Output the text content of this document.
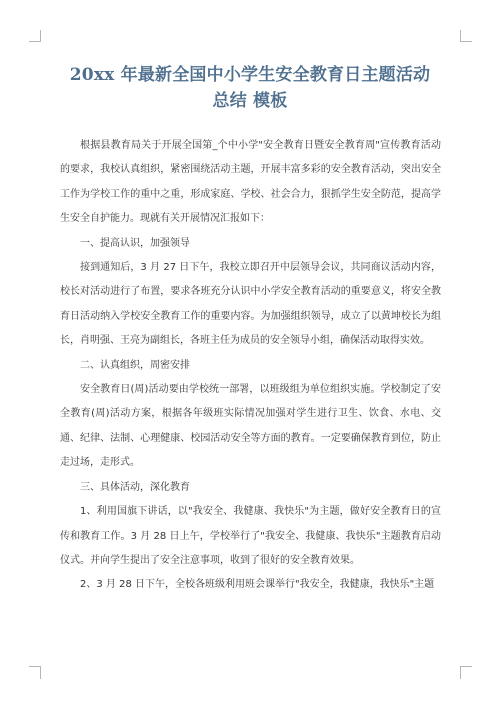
20xx 年最新全国中小学生安全教育日主题活动
总结 模板

根据县教育局关于开展全国第_个中小学"安全教育日暨安全教育周"宣传教育活动的要求，我校认真组织，紧密围绕活动主题，开展丰富多彩的安全教育活动，突出安全工作为学校工作的重中之重，形成家庭、学校、社会合力，狠抓学生安全防范，提高学生安全自护能力。现就有关开展情况汇报如下：

一、提高认识，加强领导

接到通知后，3 月 27 日下午，我校立即召开中层领导会议，共同商议活动内容，校长对活动进行了布置，要求各班充分认识中小学安全教育活动的重要意义，将安全教育日活动纳入学校安全教育工作的重要内容。为加强组织领导，成立了以黄坤校长为组长，肖明强、王亮为副组长，各班主任为成员的安全领导小组，确保活动取得实效。

二、认真组织，周密安排

安全教育日(周)活动要由学校统一部署，以班级组为单位组织实施。学校制定了安全教育(周)活动方案，根据各年级班实际情况加强对学生进行卫生、饮食、水电、交通、纪律、法制、心理健康、校园活动安全等方面的教育。一定要确保教育到位，防止走过场，走形式。

三、具体活动，深化教育

1、利用国旗下讲话，以"我安全、我健康、我快乐"为主题，做好安全教育日的宣传和教育工作。3 月 28 日上午，学校举行了"我安全、我健康、我快乐"主题教育启动仪式。并向学生提出了安全注意事项，收到了很好的安全教育效果。

2、3 月 28 日下午，全校各班级利用班会课举行"我安全，我健康，我快乐"主题
